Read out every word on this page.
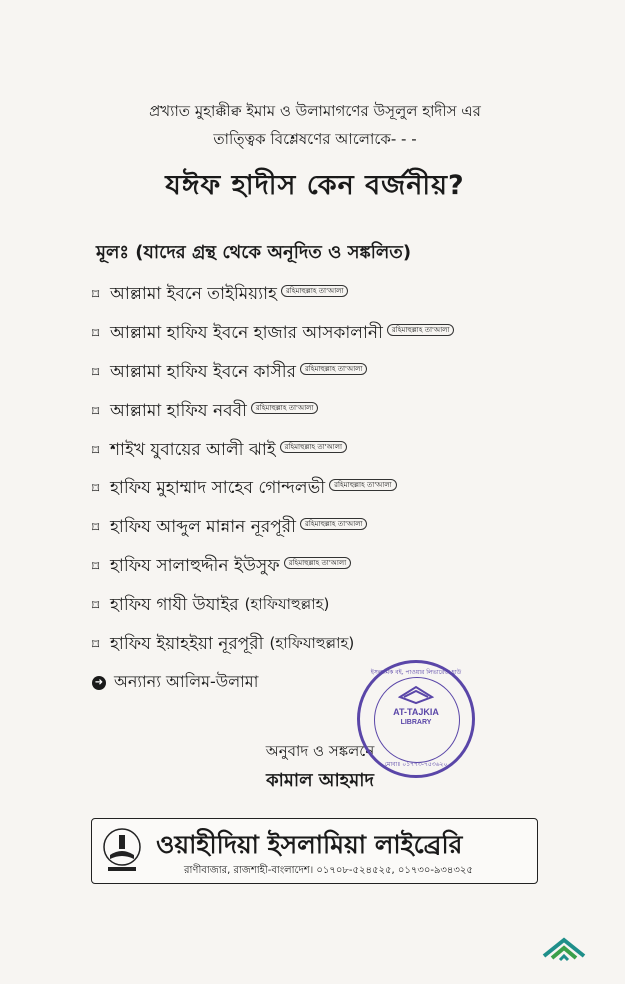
প্রখ্যাত মুহাক্কীক্ব ইমাম ও উলামাগণের উসূলুল হাদীস এর
তাত্ত্বিক বিশ্লেষণের আলোকে- - -
যঈফ হাদীস কেন বর্জনীয়?
মূলঃ (যাদের গ্রন্থ থেকে অনূদিত ও সঙ্কলিত)
⌑ আল্লামা ইবনে তাইমিয়্যাহ	রহিমাহুল্লাহ তা'আলা
⌑ আল্লামা হাফিয ইবনে হাজার আসকালানী	রহিমাহুল্লাহ তা'আলা
⌑ আল্লামা হাফিয ইবনে কাসীর	রহিমাহুল্লাহ তা'আলা
⌑ আল্লামা হাফিয নববী	রহিমাহুল্লাহ তা'আলা
⌑ শাইখ যুবায়ের আলী ঝাই	রহিমাহুল্লাহ তা'আলা
⌑ হাফিয মুহাম্মাদ সাহেব গোন্দলভী	রহিমাহুল্লাহ তা'আলা
⌑ হাফিয আব্দুল মান্নান নূরপূরী	রহিমাহুল্লাহ তা'আলা
⌑ হাফিয সালাহুদ্দীন ইউসুফ	রহিমাহুল্লাহ তা'আলা
⌑ হাফিয গাযী উযাইর (হাফিযাহুল্লাহ)
⌑ হাফিয ইয়াহইয়া নূরপূরী (হাফিযাহুল্লাহ)
➜ অন্যান্য আলিম-উলামা
অনুবাদ ও সঙ্কলনে
কামাল আহমাদ
ইসলামিক বই, পাওয়ার লিভারেজ হাউ
AT-TAJKIA
LIBRARY
মোবাঃ ০১৭৭৩-৭৫৩৬২০
ওয়াহীদিয়া ইসলামিয়া লাইব্রেরি
রাণীবাজার, রাজশাহী-বাংলাদেশ। ০১৭০৮-৫২৪৫২৫, ০১৭৩০-৯৩৪৩২৫
